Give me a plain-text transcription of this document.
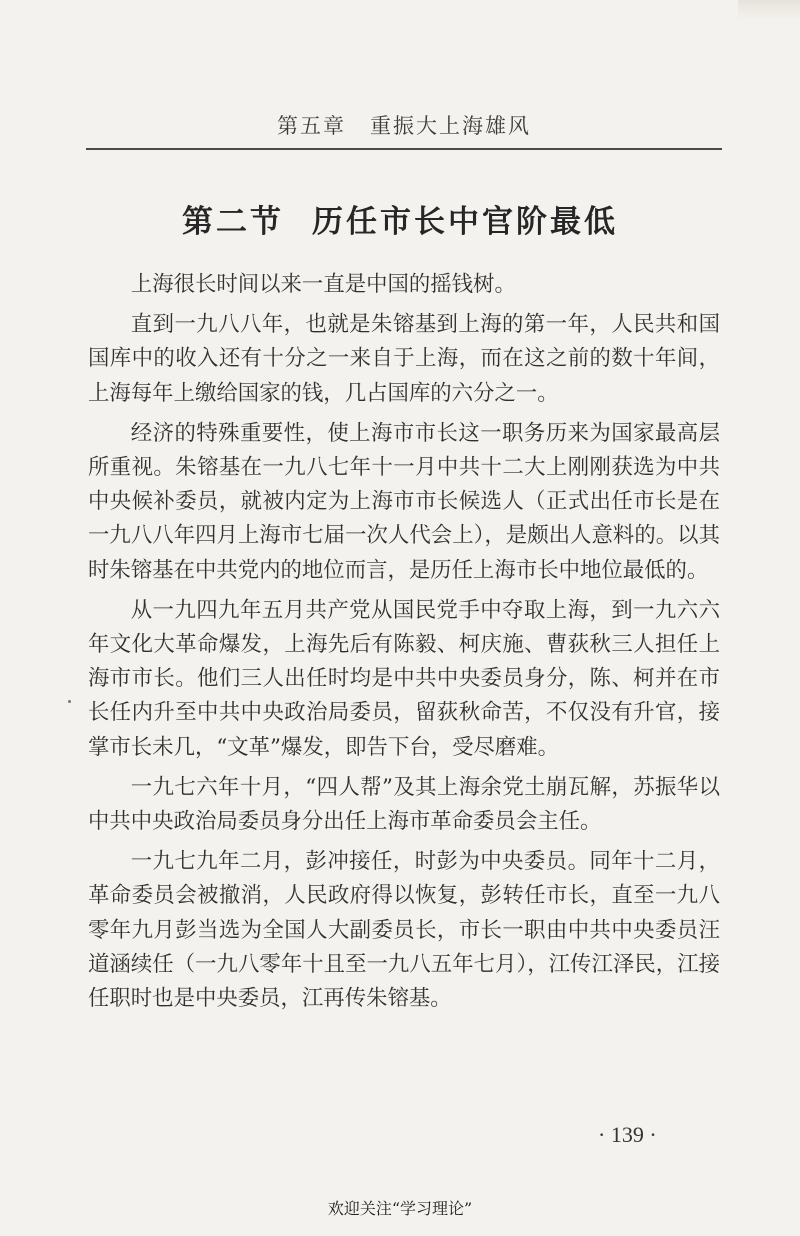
第五章 重振大上海雄风
第二节 历任市长中官阶最低

上海很长时间以来一直是中国的摇钱树。

直到一九八八年，也就是朱镕基到上海的第一年，人民共和国国库中的收入还有十分之一来自于上海，而在这之前的数十年间，上海每年上缴给国家的钱，几占国库的六分之一。

经济的特殊重要性，使上海市市长这一职务历来为国家最高层所重视。朱镕基在一九八七年十一月中共十二大上刚刚获选为中共中央候补委员，就被内定为上海市市长候选人（正式出任市长是在一九八八年四月上海市七届一次人代会上），是颇出人意料的。以其时朱镕基在中共党内的地位而言，是历任上海市长中地位最低的。

从一九四九年五月共产党从国民党手中夺取上海，到一九六六年文化大革命爆发，上海先后有陈毅、柯庆施、曹荻秋三人担任上海市市长。他们三人出任时均是中共中央委员身分，陈、柯并在市长任内升至中共中央政治局委员，留荻秋命苦，不仅没有升官，接掌市长未几，“文革”爆发，即告下台，受尽磨难。

一九七六年十月，“四人帮”及其上海余党土崩瓦解，苏振华以中共中央政治局委员身分出任上海市革命委员会主任。

一九七九年二月，彭冲接任，时彭为中央委员。同年十二月，革命委员会被撤消，人民政府得以恢复，彭转任市长，直至一九八零年九月彭当选为全国人大副委员长，市长一职由中共中央委员汪道涵续任（一九八零年十且至一九八五年七月），江传江泽民，江接任职时也是中央委员，江再传朱镕基。

· 139 ·
欢迎关注“学习理论”
